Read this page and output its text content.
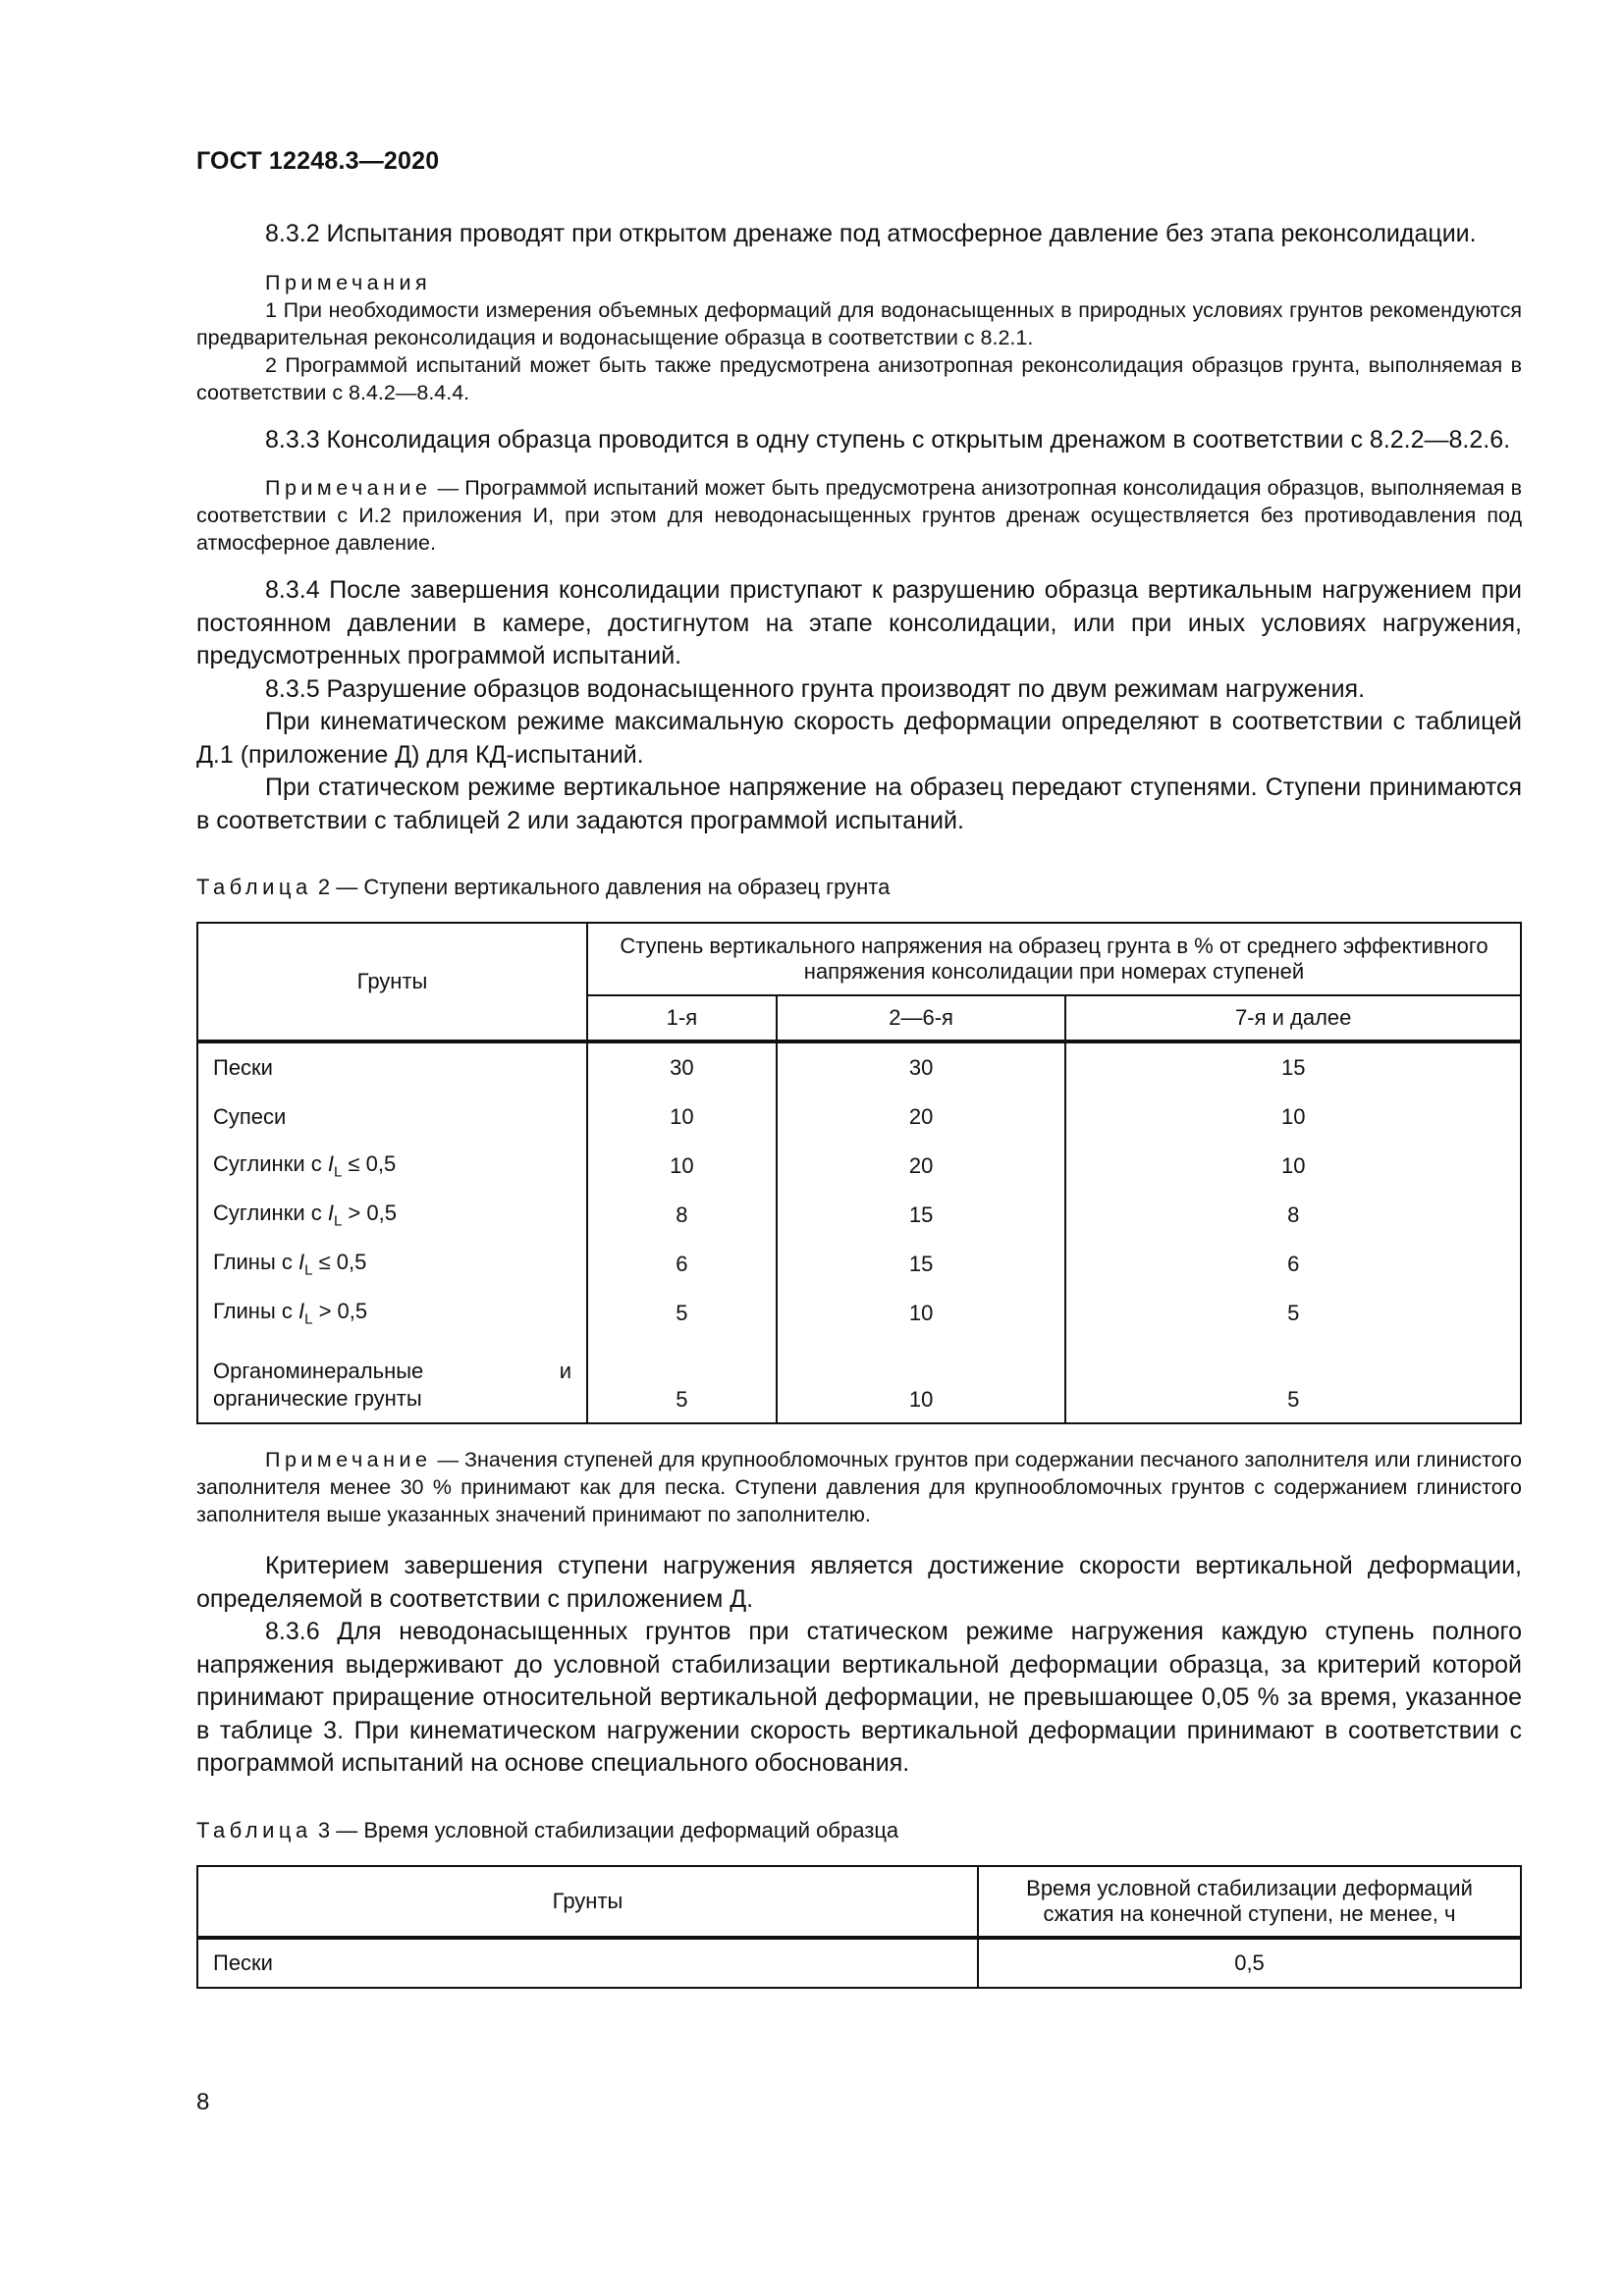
ГОСТ 12248.3—2020

8.3.2 Испытания проводят при открытом дренаже под атмосферное давление без этапа реконсолидации.

Примечания

1 При необходимости измерения объемных деформаций для водонасыщенных в природных условиях грунтов рекомендуются предварительная реконсолидация и водонасыщение образца в соответствии с 8.2.1.

2 Программой испытаний может быть также предусмотрена анизотропная реконсолидация образцов грунта, выполняемая в соответствии с 8.4.2—8.4.4.

8.3.3 Консолидация образца проводится в одну ступень с открытым дренажом в соответствии с 8.2.2—8.2.6.

Примечание — Программой испытаний может быть предусмотрена анизотропная консолидация образцов, выполняемая в соответствии с И.2 приложения И, при этом для неводонасыщенных грунтов дренаж осуществляется без противодавления под атмосферное давление.

8.3.4 После завершения консолидации приступают к разрушению образца вертикальным нагружением при постоянном давлении в камере, достигнутом на этапе консолидации, или при иных условиях нагружения, предусмотренных программой испытаний.

8.3.5 Разрушение образцов водонасыщенного грунта производят по двум режимам нагружения.

При кинематическом режиме максимальную скорость деформации определяют в соответствии с таблицей Д.1 (приложение Д) для КД-испытаний.

При статическом режиме вертикальное напряжение на образец передают ступенями. Ступени принимаются в соответствии с таблицей 2 или задаются программой испытаний.

Таблица 2 — Ступени вертикального давления на образец грунта
Грунты	Ступень вертикального напряжения на образец грунта в % от среднего эффективного напряжения консолидации при номерах ступеней		
	1-я	2—6-я	7-я и далее
Пески	30	30	15
Супеси	10	20	10
Суглинки с $I_L \le 0,5$	10	20	10
Суглинки с $I_L > 0,5$	8	15	8
Глины с $I_L \le 0,5$	6	15	6
Глины с $I_L > 0,5$	5	10	5
Органоминеральные и органические грунты	5	10	5

Примечание — Значения ступеней для крупнообломочных грунтов при содержании песчаного заполнителя или глинистого заполнителя менее 30 % принимают как для песка. Ступени давления для крупнообломочных грунтов с содержанием глинистого заполнителя выше указанных значений принимают по заполнителю.

Критерием завершения ступени нагружения является достижение скорости вертикальной деформации, определяемой в соответствии с приложением Д.

8.3.6 Для неводонасыщенных грунтов при статическом режиме нагружения каждую ступень полного напряжения выдерживают до условной стабилизации вертикальной деформации образца, за критерий которой принимают приращение относительной вертикальной деформации, не превышающее 0,05 % за время, указанное в таблице 3. При кинематическом нагружении скорость вертикальной деформации принимают в соответствии с программой испытаний на основе специального обоснования.

Таблица 3 — Время условной стабилизации деформаций образца
Грунты	Время условной стабилизации деформаций сжатия на конечной ступени, не менее, ч
Пески	0,5
8
